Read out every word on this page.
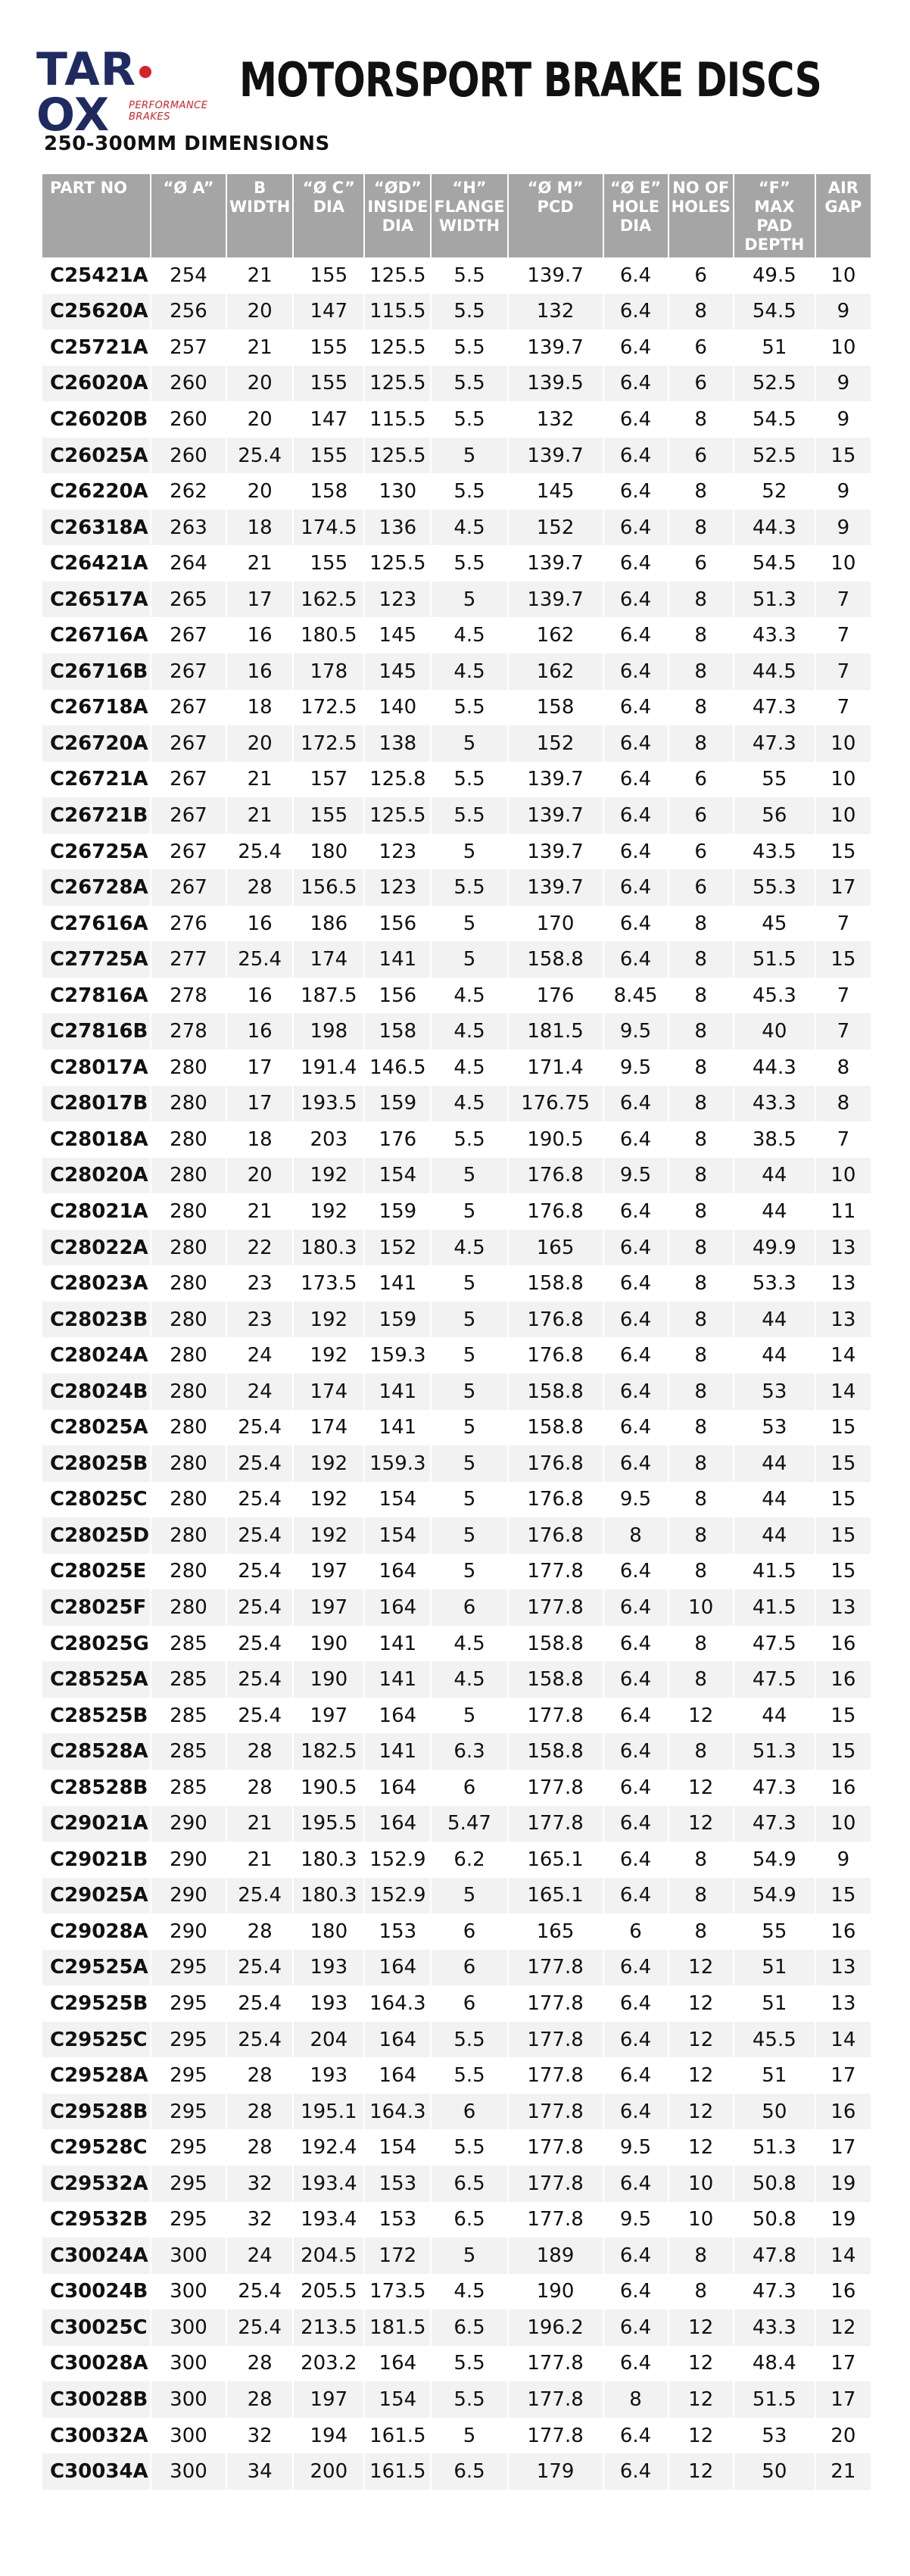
TAROX	PERFORMANCE BRAKES
MOTORSPORT BRAKE DISCS
250-300MM DIMENSIONS
PART NO	“Ø A”	B WIDTH	“Ø C” DIA	“ØD” INSIDE DIA	“H” FLANGE WIDTH	“Ø M” PCD	“Ø E” HOLE DIA	NO OF HOLES	“F” MAX PAD DEPTH	AIR GAP
C25421A	254	21	155	125.5	5.5	139.7	6.4	6	49.5	10
C25620A	256	20	147	115.5	5.5	132	6.4	8	54.5	9
C25721A	257	21	155	125.5	5.5	139.7	6.4	6	51	10
C26020A	260	20	155	125.5	5.5	139.5	6.4	6	52.5	9
C26020B	260	20	147	115.5	5.5	132	6.4	8	54.5	9
C26025A	260	25.4	155	125.5	5	139.7	6.4	6	52.5	15
C26220A	262	20	158	130	5.5	145	6.4	8	52	9
C26318A	263	18	174.5	136	4.5	152	6.4	8	44.3	9
C26421A	264	21	155	125.5	5.5	139.7	6.4	6	54.5	10
C26517A	265	17	162.5	123	5	139.7	6.4	8	51.3	7
C26716A	267	16	180.5	145	4.5	162	6.4	8	43.3	7
C26716B	267	16	178	145	4.5	162	6.4	8	44.5	7
C26718A	267	18	172.5	140	5.5	158	6.4	8	47.3	7
C26720A	267	20	172.5	138	5	152	6.4	8	47.3	10
C26721A	267	21	157	125.8	5.5	139.7	6.4	6	55	10
C26721B	267	21	155	125.5	5.5	139.7	6.4	6	56	10
C26725A	267	25.4	180	123	5	139.7	6.4	6	43.5	15
C26728A	267	28	156.5	123	5.5	139.7	6.4	6	55.3	17
C27616A	276	16	186	156	5	170	6.4	8	45	7
C27725A	277	25.4	174	141	5	158.8	6.4	8	51.5	15
C27816A	278	16	187.5	156	4.5	176	8.45	8	45.3	7
C27816B	278	16	198	158	4.5	181.5	9.5	8	40	7
C28017A	280	17	191.4	146.5	4.5	171.4	9.5	8	44.3	8
C28017B	280	17	193.5	159	4.5	176.75	6.4	8	43.3	8
C28018A	280	18	203	176	5.5	190.5	6.4	8	38.5	7
C28020A	280	20	192	154	5	176.8	9.5	8	44	10
C28021A	280	21	192	159	5	176.8	6.4	8	44	11
C28022A	280	22	180.3	152	4.5	165	6.4	8	49.9	13
C28023A	280	23	173.5	141	5	158.8	6.4	8	53.3	13
C28023B	280	23	192	159	5	176.8	6.4	8	44	13
C28024A	280	24	192	159.3	5	176.8	6.4	8	44	14
C28024B	280	24	174	141	5	158.8	6.4	8	53	14
C28025A	280	25.4	174	141	5	158.8	6.4	8	53	15
C28025B	280	25.4	192	159.3	5	176.8	6.4	8	44	15
C28025C	280	25.4	192	154	5	176.8	9.5	8	44	15
C28025D	280	25.4	192	154	5	176.8	8	8	44	15
C28025E	280	25.4	197	164	5	177.8	6.4	8	41.5	15
C28025F	280	25.4	197	164	6	177.8	6.4	10	41.5	13
C28025G	285	25.4	190	141	4.5	158.8	6.4	8	47.5	16
C28525A	285	25.4	190	141	4.5	158.8	6.4	8	47.5	16
C28525B	285	25.4	197	164	5	177.8	6.4	12	44	15
C28528A	285	28	182.5	141	6.3	158.8	6.4	8	51.3	15
C28528B	285	28	190.5	164	6	177.8	6.4	12	47.3	16
C29021A	290	21	195.5	164	5.47	177.8	6.4	12	47.3	10
C29021B	290	21	180.3	152.9	6.2	165.1	6.4	8	54.9	9
C29025A	290	25.4	180.3	152.9	5	165.1	6.4	8	54.9	15
C29028A	290	28	180	153	6	165	6	8	55	16
C29525A	295	25.4	193	164	6	177.8	6.4	12	51	13
C29525B	295	25.4	193	164.3	6	177.8	6.4	12	51	13
C29525C	295	25.4	204	164	5.5	177.8	6.4	12	45.5	14
C29528A	295	28	193	164	5.5	177.8	6.4	12	51	17
C29528B	295	28	195.1	164.3	6	177.8	6.4	12	50	16
C29528C	295	28	192.4	154	5.5	177.8	9.5	12	51.3	17
C29532A	295	32	193.4	153	6.5	177.8	6.4	10	50.8	19
C29532B	295	32	193.4	153	6.5	177.8	9.5	10	50.8	19
C30024A	300	24	204.5	172	5	189	6.4	8	47.8	14
C30024B	300	25.4	205.5	173.5	4.5	190	6.4	8	47.3	16
C30025C	300	25.4	213.5	181.5	6.5	196.2	6.4	12	43.3	12
C30028A	300	28	203.2	164	5.5	177.8	6.4	12	48.4	17
C30028B	300	28	197	154	5.5	177.8	8	12	51.5	17
C30032A	300	32	194	161.5	5	177.8	6.4	12	53	20
C30034A	300	34	200	161.5	6.5	179	6.4	12	50	21
